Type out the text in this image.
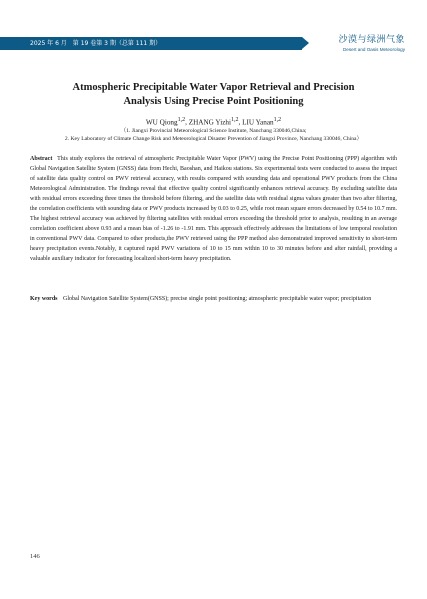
2025 年 6 月　第 19 卷第 3 期（总第 111 期）	沙漠与绿洲气象
Desert and Oasis Meteorology
Atmospheric Precipitable Water Vapor Retrieval and Precision
Analysis Using Precise Point Positioning
WU Qiong$^{1,2}$, ZHANG Yizhi$^{1,2}$, LIU Yanan$^{1,2}$
（1. Jiangxi Provincial Meteorological Science Institute, Nanchang 330046,China;
2. Key Laboratory of Climate Change Risk and Meteorological Disaster Prevention of Jiangxi Province, Nanchang 330046, China）
Abstract This study explores the retrieval of atmospheric Precipitable Water Vapor (PWV) using the Precise Point Positioning (PPP) algorithm with Global Navigation Satellite System (GNSS) data from Hechi, Baoshan, and Haikou stations. Six experimental tests were conducted to assess the impact of satellite data quality control on PWV retrieval accuracy, with results compared with sounding data and operational PWV products from the China Meteorological Administration. The findings reveal that effective quality control significantly enhances retrieval accuracy. By excluding satellite data with residual errors exceeding three times the threshold before filtering, and the satellite data with residual sigma values greater than two after filtering, the correlation coefficients with sounding data or PWV products increased by 0.03 to 0.25, while root mean square errors decreased by 0.54 to 10.7 mm. The highest retrieval accuracy was achieved by filtering satellites with residual errors exceeding the threshold prior to analysis, resulting in an average correlation coefficient above 0.93 and a mean bias of -1.26 to -1.91 mm. This approach effectively addresses the limitations of low temporal resolution in conventional PWV data. Compared to other products,the PWV retrieved using the PPP method also demonstrated improved sensitivity to short-term heavy precipitation events.Notably, it captured rapid PWV variations of 10 to 15 mm within 10 to 30 minutes before and after rainfall, providing a valuable auxiliary indicator for forecasting localized short-term heavy precipitation.
Key words Global Navigation Satellite System(GNSS); precise single point positioning; atmospheric precipitable water vapor; precipitation
146
